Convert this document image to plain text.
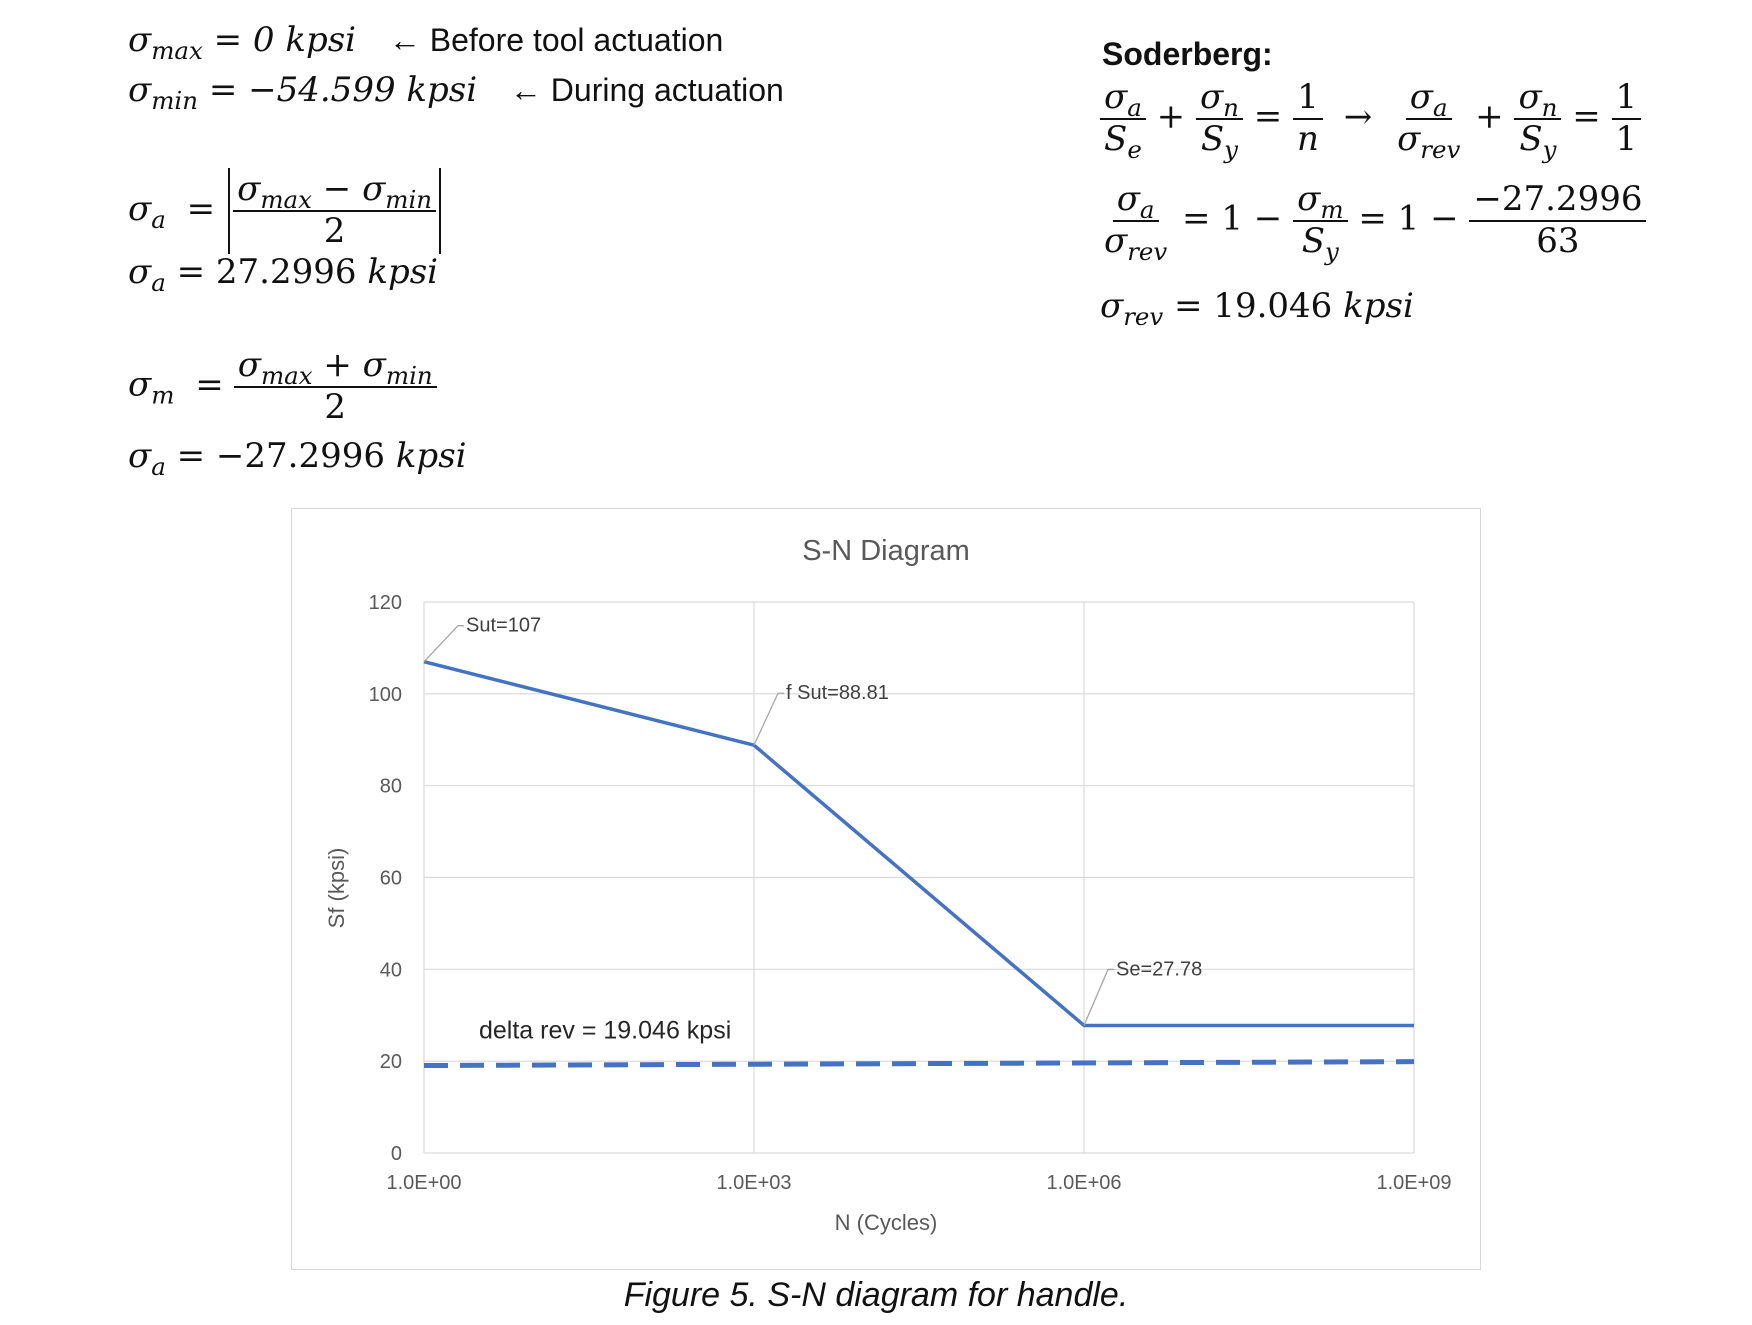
$\sigma_{max} = 0$ kpsi ← Before tool actuation
$\sigma_{min} = -54.599$ kpsi ← During actuation
$\sigma_a = \frac{\sigma_{max} - \sigma_{min}}{2}$
$\sigma_a = 27.2996$ kpsi
$\sigma_m = \frac{\sigma_{max} + \sigma_{min}}{2}$
$\sigma_a = -27.2996$ kpsi
Soderberg:
$\frac{\sigma_a}{S_e} + \frac{\sigma_n}{S_y} = \frac{1}{n} \to \frac{\sigma_a}{\sigma_{rev}} + \frac{\sigma_n}{S_y} = \frac{1}{1}$
$\frac{\sigma_a}{\sigma_{rev}} = 1 - \frac{\sigma_m}{S_y} = 1 - \frac{-27.2996}{63}$
$\sigma_{rev} = 19.046$ kpsi
S-N Diagram
0
20
40
60
80
100
120
1.0E+00	1.0E+03	1.0E+06	1.0E+09
Sut=107
f Sut=88.81
Se=27.78
delta rev = 19.046 kpsi
N (Cycles)
Sf (kpsi)
Figure 5. S-N diagram for handle.
